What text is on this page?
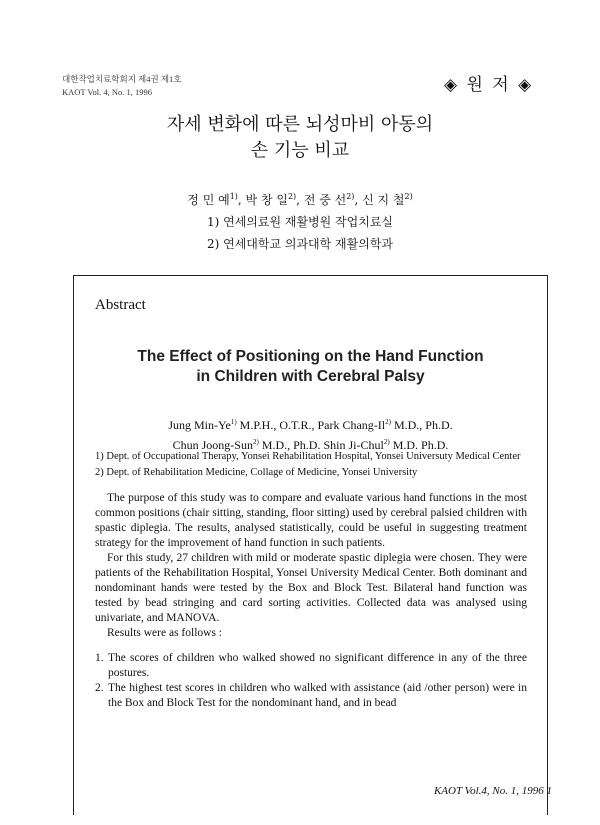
대한작업치료학회지 제4권 제1호
KAOT Vol. 4, No. 1, 1996	◈ 원 저 ◈
자세 변화에 따른 뇌성마비 아동의
손 기능 비교
정 민 예$^{1)}$, 박 창 일$^{2)}$, 전 중 선$^{2)}$, 신 지 철$^{2)}$
1) 연세의료원 재활병원 작업치료실
2) 연세대학교 의과대학 재활의학과
Abstract
The Effect of Positioning on the Hand Function
in Children with Cerebral Palsy
Jung Min-Ye$^{1)}$ M.P.H., O.T.R., Park Chang-Il$^{2)}$ M.D., Ph.D.
Chun Joong-Sun$^{2)}$ M.D., Ph.D. Shin Ji-Chul$^{2)}$ M.D. Ph.D.
1) Dept. of Occupational Therapy, Yonsei Rehabilitation Hospital, Yonsei Universuty Medical Center
2) Dept. of Rehabilitation Medicine, Collage of Medicine, Yonsei University

The purpose of this study was to compare and evaluate various hand functions in the most common positions (chair sitting, standing, floor sitting) used by cerebral palsied children with spastic diplegia. The results, analysed statistically, could be useful in suggesting treatment strategy for the improvement of hand function in such patients.

For this study, 27 children with mild or moderate spastic diplegia were chosen. They were patients of the Rehabilitation Hospital, Yonsei University Medical Center. Both dominant and nondominant hands were tested by the Box and Block Test. Bilateral hand function was tested by bead stringing and card sorting activities. Collected data was analysed using univariate, and MANOVA.

Results were as follows :

1. The scores of children who walked showed no significant difference in any of the three postures.
2. The highest test scores in children who walked with assistance (aid /other person) were in the Box and Block Test for the nondominant hand, and in bead
KAOT Vol.4, No. 1, 1996 1
